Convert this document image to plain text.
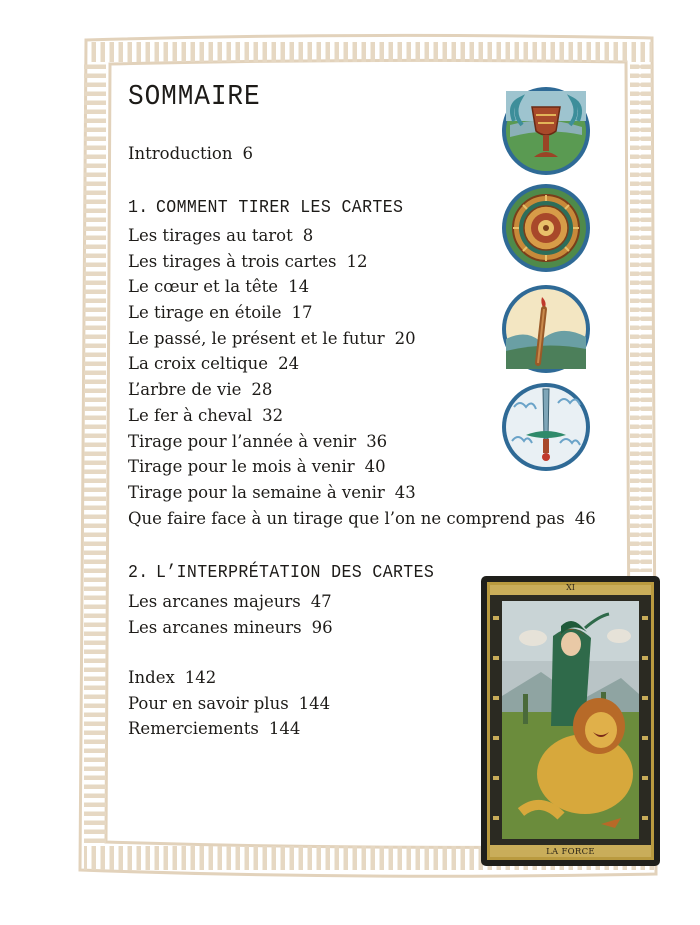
SOMMAIRE
Introduction 6
1. COMMENT TIRER LES CARTES
Les tirages au tarot 8
Les tirages à trois cartes 12
Le cœur et la tête 14
Le tirage en étoile 17
Le passé, le présent et le futur 20
La croix celtique 24
L’arbre de vie 28
Le fer à cheval 32
Tirage pour l’année à venir 36
Tirage pour le mois à venir 40
Tirage pour la semaine à venir 43
Que faire face à un tirage que l’on ne comprend pas 46
2. L’INTERPRÉTATION DES CARTES
Les arcanes majeurs 47
Les arcanes mineurs 96
Index 142
Pour en savoir plus 144
Remerciements 144
XI
LA FORCE
